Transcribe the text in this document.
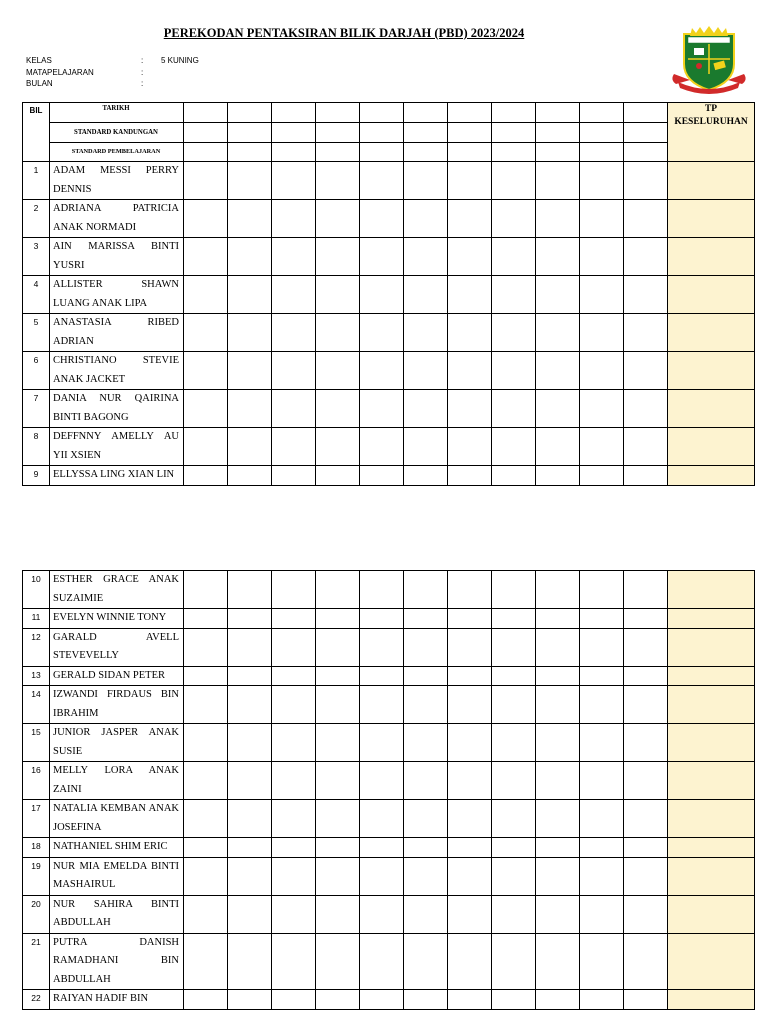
PEREKODAN PENTAKSIRAN BILIK DARJAH (PBD) 2023/2024
KELAS	:	5 KUNING
MATAPELAJARAN	:
BULAN	:
BIL	TARIKH												TP
KESELURUHAN
	STANDARD KANDUNGAN												
	STANDARD PEMBELAJARAN												
1	ADAM MESSI PERRY DENNIS												
2	ADRIANA PATRICIA ANAK NORMADI												
3	AIN MARISSA BINTI YUSRI												
4	ALLISTER SHAWN LUANG ANAK LIPA												
5	ANASTASIA RIBED ADRIAN												
6	CHRISTIANO STEVIE ANAK JACKET												
7	DANIA NUR QAIRINA BINTI BAGONG												
8	DEFFNNY AMELLY AU YII XSIEN												
9	ELLYSSA LING XIAN LIN												
10	ESTHER GRACE ANAK SUZAIMIE												
11	EVELYN WINNIE TONY												
12	GARALD AVELL STEVEVELLY												
13	GERALD SIDAN PETER												
14	IZWANDI FIRDAUS BIN IBRAHIM												
15	JUNIOR JASPER ANAK SUSIE												
16	MELLY LORA ANAK ZAINI												
17	NATALIA KEMBAN ANAK JOSEFINA												
18	NATHANIEL SHIM ERIC												
19	NUR MIA EMELDA BINTI MASHAIRUL												
20	NUR SAHIRA BINTI ABDULLAH												
21	PUTRA DANISH RAMADHANI BIN ABDULLAH												
22	RAIYAN HADIF BIN												
